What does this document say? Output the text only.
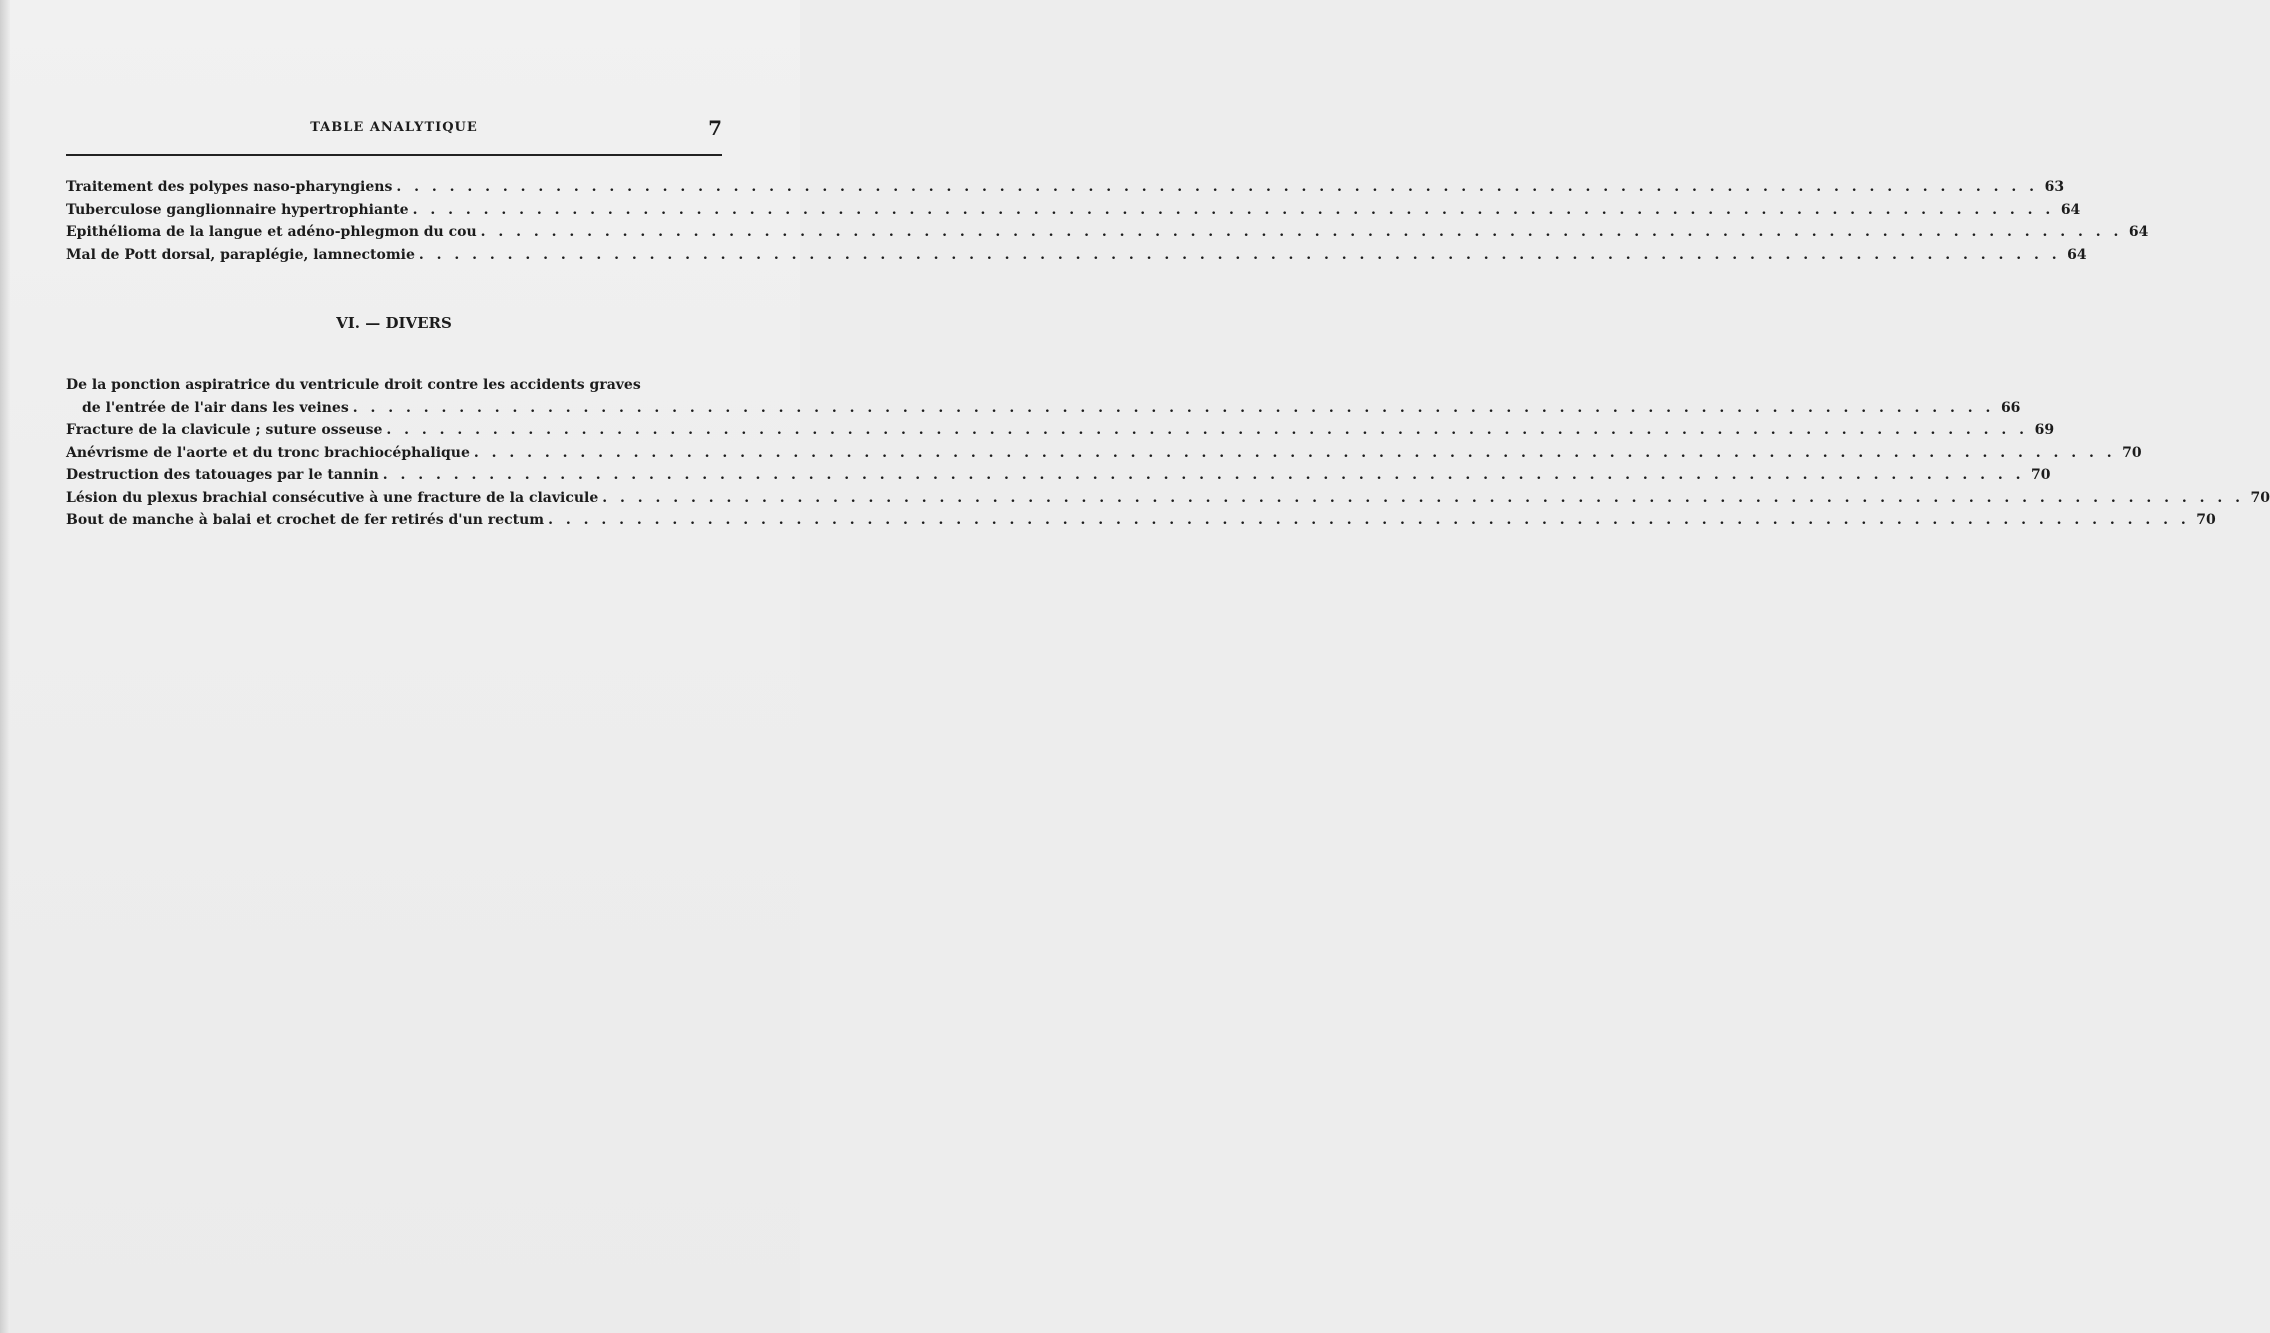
TABLE ANALYTIQUE	7
Traitement des polypes naso-pharyngiens . . .	63
Tuberculose ganglionnaire hypertrophiante . . .	64
Epithélioma de la langue et adéno-phlegmon du cou . . .	64
Mal de Pott dorsal, paraplégie, lamnectomie . . .	64
VI. — DIVERS
De la ponction aspiratrice du ventricule droit contre les accidents graves
de l'entrée de l'air dans les veines . . .	66
Fracture de la clavicule ; suture osseuse . . .	69
Anévrisme de l'aorte et du tronc brachiocéphalique . . .	70
Destruction des tatouages par le tannin . . .	70
Lésion du plexus brachial consécutive à une fracture de la clavicule . . .	70
Bout de manche à balai et crochet de fer retirés d'un rectum . . .	70
